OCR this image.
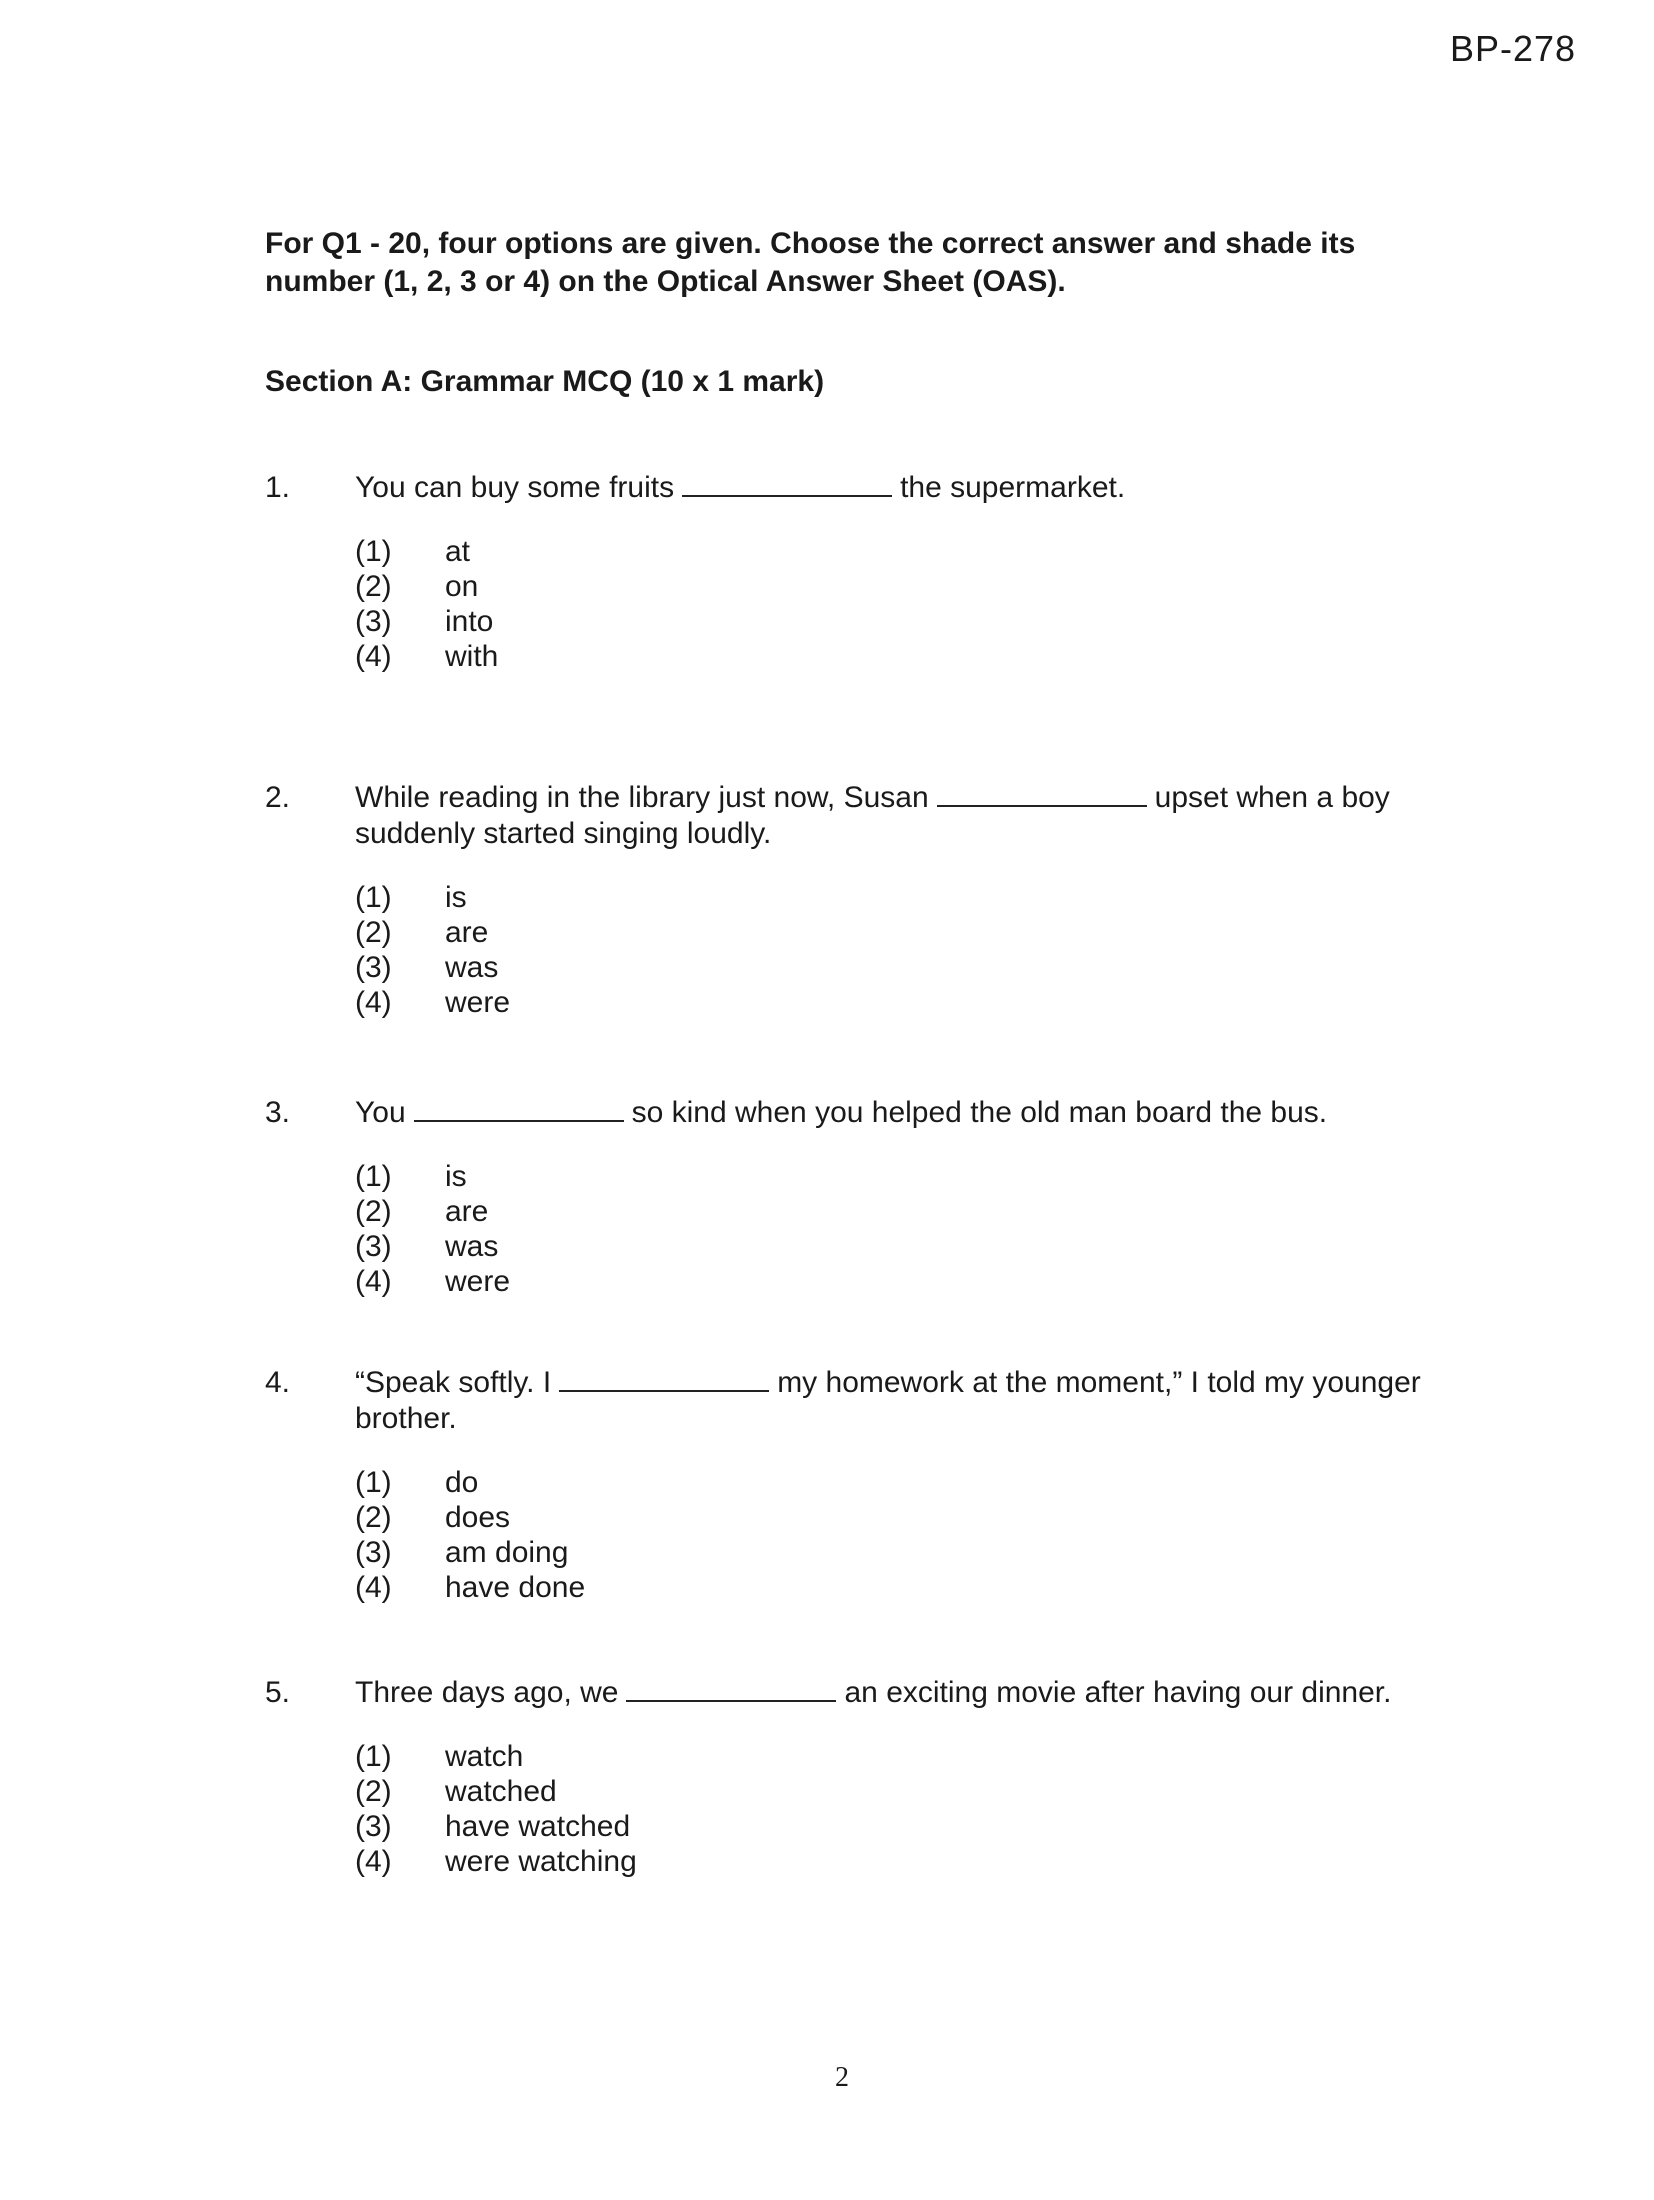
BP-278
For Q1 - 20, four options are given. Choose the correct answer and shade its number (1, 2, 3 or 4) on the Optical Answer Sheet (OAS).
Section A: Grammar MCQ (10 x 1 mark)
1.	You can buy some fruits	the supermarket.
(1)	at
(2)	on
(3)	into
(4)	with
2.	While reading in the library just now, Susan	upset when a boy suddenly started singing loudly.
(1)	is
(2)	are
(3)	was
(4)	were
3.	You	so kind when you helped the old man board the bus.
(1)	is
(2)	are
(3)	was
(4)	were
4.	“Speak softly. I	my homework at the moment,” I told my younger brother.
(1)	do
(2)	does
(3)	am doing
(4)	have done
5.	Three days ago, we	an exciting movie after having our dinner.
(1)	watch
(2)	watched
(3)	have watched
(4)	were watching
2
